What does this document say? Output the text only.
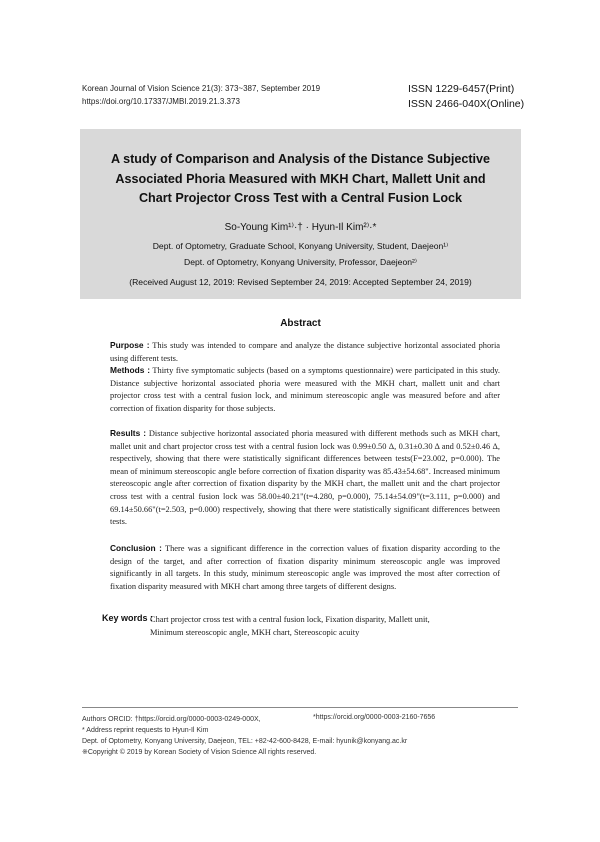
Korean Journal of Vision Science 21(3): 373~387, September 2019
https://doi.org/10.17337/JMBI.2019.21.3.373
ISSN 1229-6457(Print)
ISSN 2466-040X(Online)
A study of Comparison and Analysis of the Distance Subjective
Associated Phoria Measured with MKH Chart, Mallett Unit and
Chart Projector Cross Test with a Central Fusion Lock
So-Young Kim¹⁾·† · Hyun-Il Kim²⁾·*
Dept. of Optometry, Graduate School, Konyang University, Student, Daejeon¹⁾
Dept. of Optometry, Konyang University, Professor, Daejeon²⁾
(Received August 12, 2019: Revised September 24, 2019: Accepted September 24, 2019)
Abstract
Purpose : This study was intended to compare and analyze the distance subjective horizontal associated phoria using different tests.
Methods : Thirty five symptomatic subjects (based on a symptoms questionnaire) were participated in this study. Distance subjective horizontal associated phoria were measured with the MKH chart, mallett unit and chart projector cross test with a central fusion lock, and minimum stereoscopic angle was measured before and after correction of fixation disparity for those subjects.
Results : Distance subjective horizontal associated phoria measured with different methods such as MKH chart, mallet unit and chart projector cross test with a central fusion lock was 0.99±0.50 Δ, 0.31±0.30 Δ and 0.52±0.46 Δ, respectively, showing that there were statistically significant differences between tests(F=23.002, p=0.000). The mean of minimum stereoscopic angle before correction of fixation disparity was 85.43±54.68". Increased minimum stereoscopic angle after correction of fixation disparity by the MKH chart, the mallett unit and the chart projector cross test with a central fusion lock was 58.00±40.21"(t=4.280, p=0.000), 75.14±54.09"(t=3.111, p=0.000) and 69.14±50.66"(t=2.503, p=0.000) respectively, showing that there were statistically significant differences between tests.
Conclusion : There was a significant difference in the correction values of fixation disparity according to the design of the target, and after correction of fixation disparity minimum stereoscopic angle was improved significantly in all targets. In this study, minimum stereoscopic angle was improved the most after correction of fixation disparity measured with MKH chart among three targets of different designs.
Key words :
Chart projector cross test with a central fusion lock, Fixation disparity, Mallett unit,
Minimum stereoscopic angle, MKH chart, Stereoscopic acuity
Authors ORCID: †https://orcid.org/0000-0003-0249-000X,	*https://orcid.org/0000-0003-2160-7656
* Address reprint requests to Hyun-Il Kim
Dept. of Optometry, Konyang University, Daejeon, TEL: +82-42-600-8428, E-mail: hyunik@konyang.ac.kr
※Copyright © 2019 by Korean Society of Vision Science All rights reserved.
